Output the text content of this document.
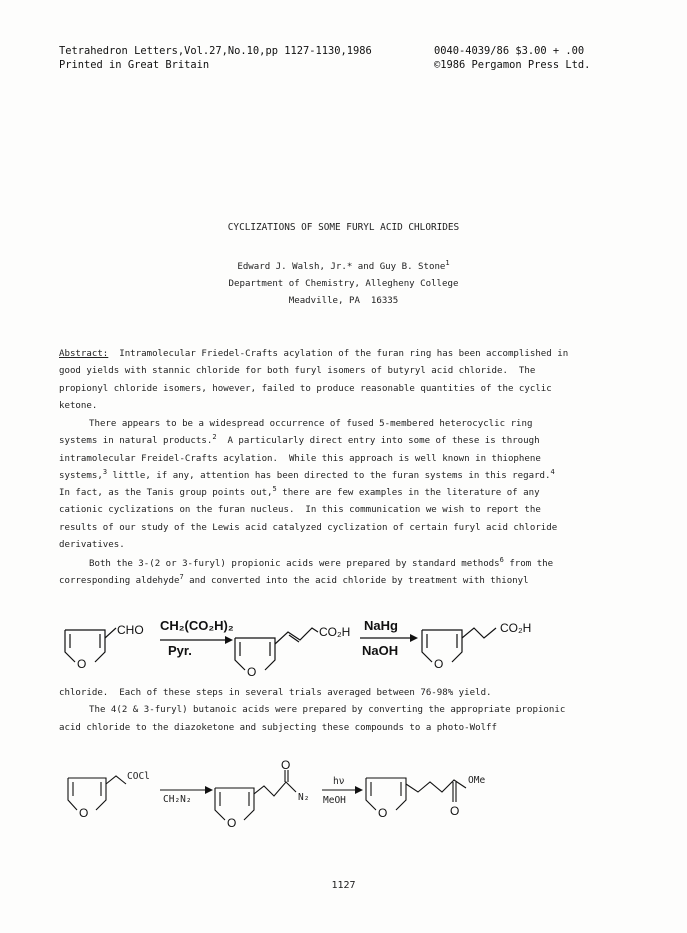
Tetrahedron Letters,Vol.27,No.10,pp 1127-1130,1986
Printed in Great Britain
0040-4039/86 $3.00 + .00
©1986 Pergamon Press Ltd.
CYCLIZATIONS OF SOME FURYL ACID CHLORIDES
Edward J. Walsh, Jr.* and Guy B. Stone$^1$
Department of Chemistry, Allegheny College
Meadville, PA  16335
Abstract:  Intramolecular Friedel-Crafts acylation of the furan ring has been accomplished in
good yields with stannic chloride for both furyl isomers of butyryl acid chloride.  The
propionyl chloride isomers, however, failed to produce reasonable quantities of the cyclic
ketone.
There appears to be a widespread occurrence of fused 5-membered heterocyclic ring
systems in natural products.$^2$  A particularly direct entry into some of these is through
intramolecular Freidel-Crafts acylation.  While this approach is well known in thiophene
systems,$^3$ little, if any, attention has been directed to the furan systems in this regard.$^4$
In fact, as the Tanis group points out,$^5$ there are few examples in the literature of any
cationic cyclizations on the furan nucleus.  In this communication we wish to report the
results of our study of the Lewis acid catalyzed cyclization of certain furyl acid chloride
derivatives.
Both the 3-(2 or 3-furyl) propionic acids were prepared by standard methods$^6$ from the
corresponding aldehyde$^7$ and converted into the acid chloride by treatment with thionyl
O
CHO CH₂(CO₂H)₂
Pyr.
O
CO₂H NaHg
NaOH
O
CO₂H
chloride.  Each of these steps in several trials averaged between 76-98% yield.
The 4(2 & 3-furyl) butanoic acids were prepared by converting the appropriate propionic
acid chloride to the diazoketone and subjecting these compounds to a photo-Wolff
O
COCl
CH₂N₂
O
O
N₂
hν
MeOH
O	O
OMe
1127
